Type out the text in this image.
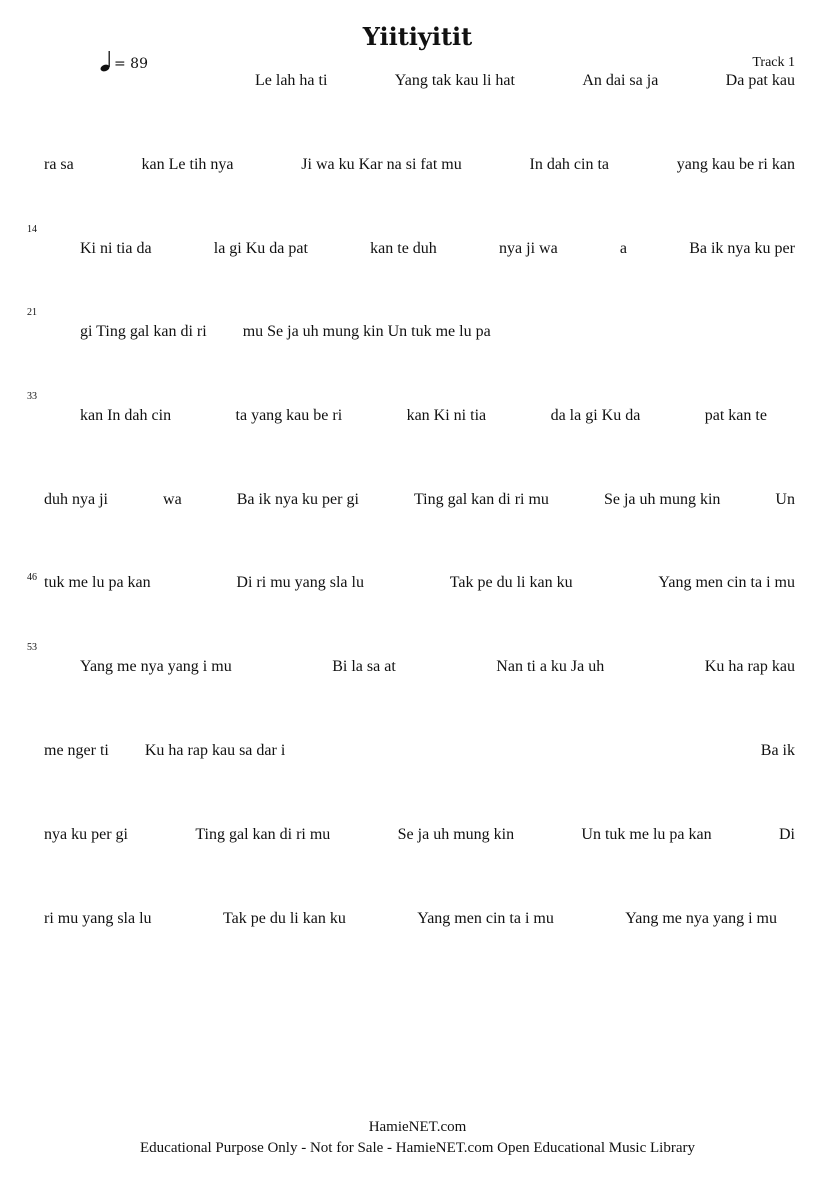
Yiitiyitit
= 89	Track 1
Le lah ha ti	Yang tak kau li hat	An dai sa ja	Da pat kau
ra sa	kan Le tih nya	Ji wa ku Kar na si fat mu	In dah cin ta	yang kau be ri kan
14
Ki ni tia da	la gi Ku da pat	kan te duh	nya ji wa	a	Ba ik nya ku per
21
gi Ting gal kan di ri mu Se ja uh mung kin Un tuk me lu pa
33
kan In dah cin	ta yang kau be ri	kan Ki ni tia	da la gi Ku da	pat kan te
duh nya ji	wa	Ba ik nya ku per gi	Ting gal kan di ri mu	Se ja uh mung kin	Un
46 tuk me lu pa kan	Di ri mu yang sla lu	Tak pe du li kan ku	Yang men cin ta i mu
53
Yang me nya yang i mu	Bi la sa at	Nan ti a ku Ja uh	Ku ha rap kau
me nger ti Ku ha rap kau sa dar i	Ba ik
nya ku per gi	Ting gal kan di ri mu	Se ja uh mung kin	Un tuk me lu pa kan	Di
ri mu yang sla lu	Tak pe du li kan ku	Yang men cin ta i mu	Yang me nya yang i mu
HamieNET.com
Educational Purpose Only - Not for Sale - HamieNET.com Open Educational Music Library
